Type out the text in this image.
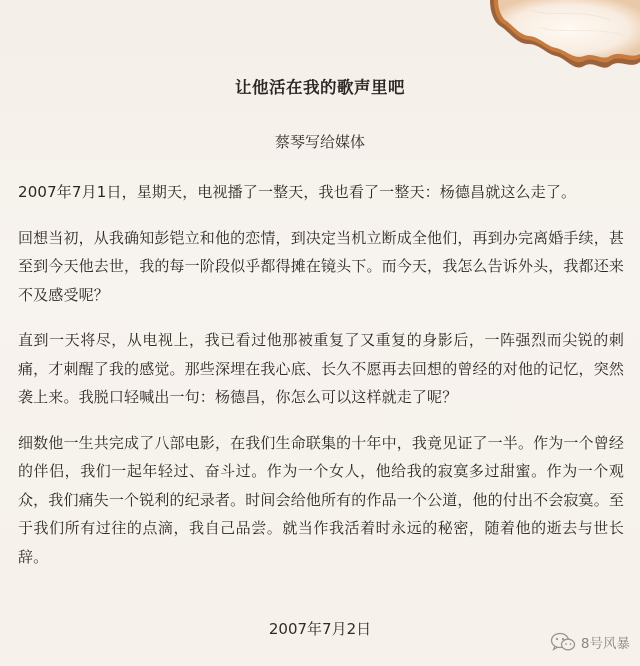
让他活在我的歌声里吧
蔡琴写给媒体

2007年7月1日，星期天，电视播了一整天，我也看了一整天：杨德昌就这么走了。

回想当初，从我确知彭铠立和他的恋情，到决定当机立断成全他们，再到办完离婚手续，甚至到今天他去世，我的每一阶段似乎都得摊在镜头下。而今天，我怎么告诉外头，我都还来不及感受呢？

直到一天将尽，从电视上，我已看过他那被重复了又重复的身影后，一阵强烈而尖锐的刺痛，才刺醒了我的感觉。那些深埋在我心底、长久不愿再去回想的曾经的对他的记忆，突然袭上来。我脱口轻喊出一句：杨德昌，你怎么可以这样就走了呢？

细数他一生共完成了八部电影，在我们生命联集的十年中，我竟见证了一半。作为一个曾经的伴侣，我们一起年轻过、奋斗过。作为一个女人，他给我的寂寞多过甜蜜。作为一个观众，我们痛失一个锐利的纪录者。时间会给他所有的作品一个公道，他的付出不会寂寞。至于我们所有过往的点滴，我自己品尝。就当作我活着时永远的秘密，随着他的逝去与世长辞。

2007年7月2日
8号风暴
